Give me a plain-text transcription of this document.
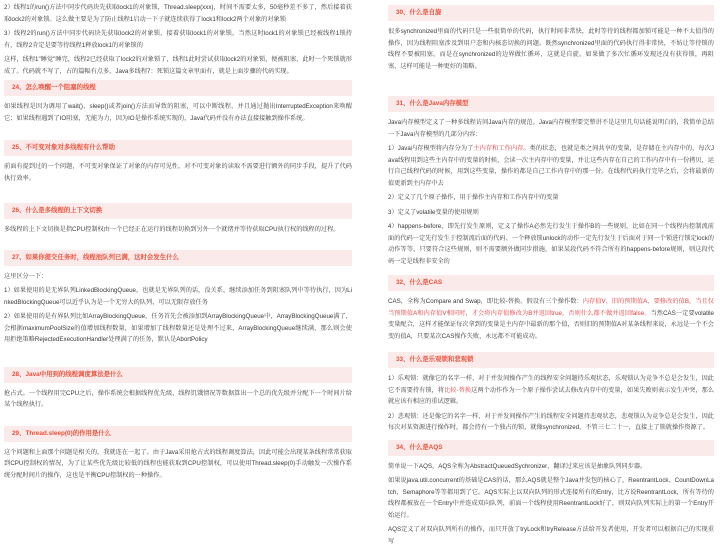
2）线程1的run()方法中同步代码块先获取lock1的对象锁，Thread.sleep(xxx)，时间不需要太多，50毫秒差不多了，然后接着获取lock2的对象锁。这么做主要是为了防止线程1启动一下子就连续获得了lock1和lock2两个对象的对象锁

3）线程2的run()方法中同步代码块先获取lock2的对象锁，接着获取lock1的对象锁，当然这时lock1的对象锁已经被线程1锁持有，线程2肯定是要等待线程1释放lock1的对象锁的

这样，线程1"睡觉"睡完，线程2已经获取了lock2的对象锁了，线程1此时尝试获取lock2的对象锁，便被阻塞，此时一个死锁就形成了。代码就不写了，占的篇幅有点多，Java多线程7：死锁这篇文章里面有，就是上面步骤的代码实现。

24、怎么唤醒一个阻塞的线程

如果线程是因为调用了wait()、sleep()或者join()方法而导致的阻塞，可以中断线程，并且通过抛出InterruptedException来唤醒它；如果线程遇到了IO阻塞，无能为力，因为IO是操作系统实现的，Java代码并没有办法直接接触到操作系统。

25、不可变对象对多线程有什么帮助

前面有提到过的一个问题，不可变对象保证了对象的内存可见性，对不可变对象的读取不需要进行额外的同步手段，提升了代码执行效率。

26、什么是多线程的上下文切换

多线程的上下文切换是指CPU控制权由一个已经正在运行的线程切换到另外一个就绪并等待获取CPU执行权的线程的过程。

27、如果你提交任务时，线程池队列已满，这时会发生什么

这里区分一下：

1）如果使用的是无界队列LinkedBlockingQueue，也就是无界队列的话，没关系，继续添加任务到阻塞队列中等待执行，因为LinkedBlockingQueue可以近乎认为是一个无穷大的队列，可以无限存放任务

2）如果使用的是有界队列比如ArrayBlockingQueue，任务首先会被添加到ArrayBlockingQueue中，ArrayBlockingQueue满了，会根据maximumPoolSize的值增加线程数量，如果增加了线程数量还是处理不过来，ArrayBlockingQueue继续满，那么则会使用拒绝策略RejectedExecutionHandler处理满了的任务，默认是AbortPolicy

28、Java中用到的线程调度算法是什么

抢占式。一个线程用完CPU之后，操作系统会根据线程优先级、线程饥饿情况等数据算出一个总的优先级并分配下一个时间片给某个线程执行。

29、Thread.sleep(0)的作用是什么

这个问题和上面那个问题是相关的，我就连在一起了。由于Java采用抢占式的线程调度算法，因此可能会出现某条线程常常获取到CPU控制权的情况，为了让某些优先级比较低的线程也能获取到CPU控制权，可以使用Thread.sleep(0)手动触发一次操作系统分配时间片的操作，这也是平衡CPU控制权的一种操作。

30、什么是自旋

很多synchronized里面的代码只是一些很简单的代码，执行时间非常快，此时等待的线程都加锁可能是一种不太值得的操作，因为线程阻塞涉及到用户态和内核态切换的问题。既然synchronized里面的代码执行得非常快，不妨让等待锁的线程不要被阻塞，而是在synchronized的边界做忙循环，这就是自旋。如果做了多次忙循环发现还没有获得锁，再阻塞，这样可能是一种更好的策略。

31、什么是Java内存模型

Java内存模型定义了一种多线程访问Java内存的规范。Java内存模型要完整讲不是这里几句话能说明白的，我简单总结一下Java内存模型的几部分内容：

1）Java内存模型将内存分为了主内存和工作内存。类的状态，也就是类之间共享的变量，是存储在主内存中的，每次Java线程用到这些主内存中的变量的时候，会读一次主内存中的变量，并让这些内存在自己的工作内存中有一份拷贝，运行自己线程代码的时候，用到这些变量，操作的都是自己工作内存中的那一份。在线程代码执行完毕之后，会将最新的值更新到主内存中去

2）定义了几个原子操作，用于操作主内存和工作内存中的变量

3）定义了volatile变量的使用规则

4）happens-before，即先行发生原则，定义了操作A必然先行发生于操作B的一些规则，比如在同一个线程内控制流前面的代码一定先行发生于控制流后面的代码、一个释放锁unlock的动作一定先行发生于后面对于同一个锁进行锁定lock的动作等等，只要符合这些规则，则不需要额外做同步措施，如果某段代码不符合所有的happens-before规则，则这段代码一定是线程非安全的

32、什么是CAS

CAS，全称为Compare and Swap，即比较-替换。假设有三个操作数：内存值V、旧的预期值A、要修改的值B，当且仅当预期值A和内存值V相同时，才会将内存值修改为B并返回true，否则什么都不做并返回false。当然CAS一定要volatile变量配合，这样才能保证每次拿到的变量是主内存中最新的那个值，否则旧的预期值A对某条线程来说，永远是一个不会变的值A，只要某次CAS操作失败，永远都不可能成功。

33、什么是乐观锁和悲观锁

1）乐观锁：就像它的名字一样，对于并发间操作产生的线程安全问题持乐观状态，乐观锁认为竞争不总是会发生，因此它不需要持有锁，将比较-替换这两个动作作为一个原子操作尝试去修改内存中的变量，如果失败则表示发生冲突，那么就应该有相应的重试逻辑。

2）悲观锁：还是像它的名字一样，对于并发间操作产生的线程安全问题持悲观状态，悲观锁认为竞争总是会发生，因此每次对某资源进行操作时，都会持有一个独占的锁，就像synchronized，不管三七二十一，直接上了锁就操作资源了。

34、什么是AQS

简单说一下AQS，AQS全称为AbstractQueuedSychronizer，翻译过来应该是抽象队列同步器。

如果说java.util.concurrent的基础是CAS的话，那么AQS就是整个Java并发包的核心了，ReentrantLock、CountDownLatch、Semaphore等等都用到了它。AQS实际上以双向队列的形式连接所有的Entry，比方说ReentrantLock，所有等待的线程都被放在一个Entry中并连成双向队列，前面一个线程使用ReentrantLock好了，则双向队列实际上的第一个Entry开始运行。

AQS定义了对双向队列所有的操作，而只开放了tryLock和tryRelease方法给开发者使用，开发者可以根据自己的实现重写
